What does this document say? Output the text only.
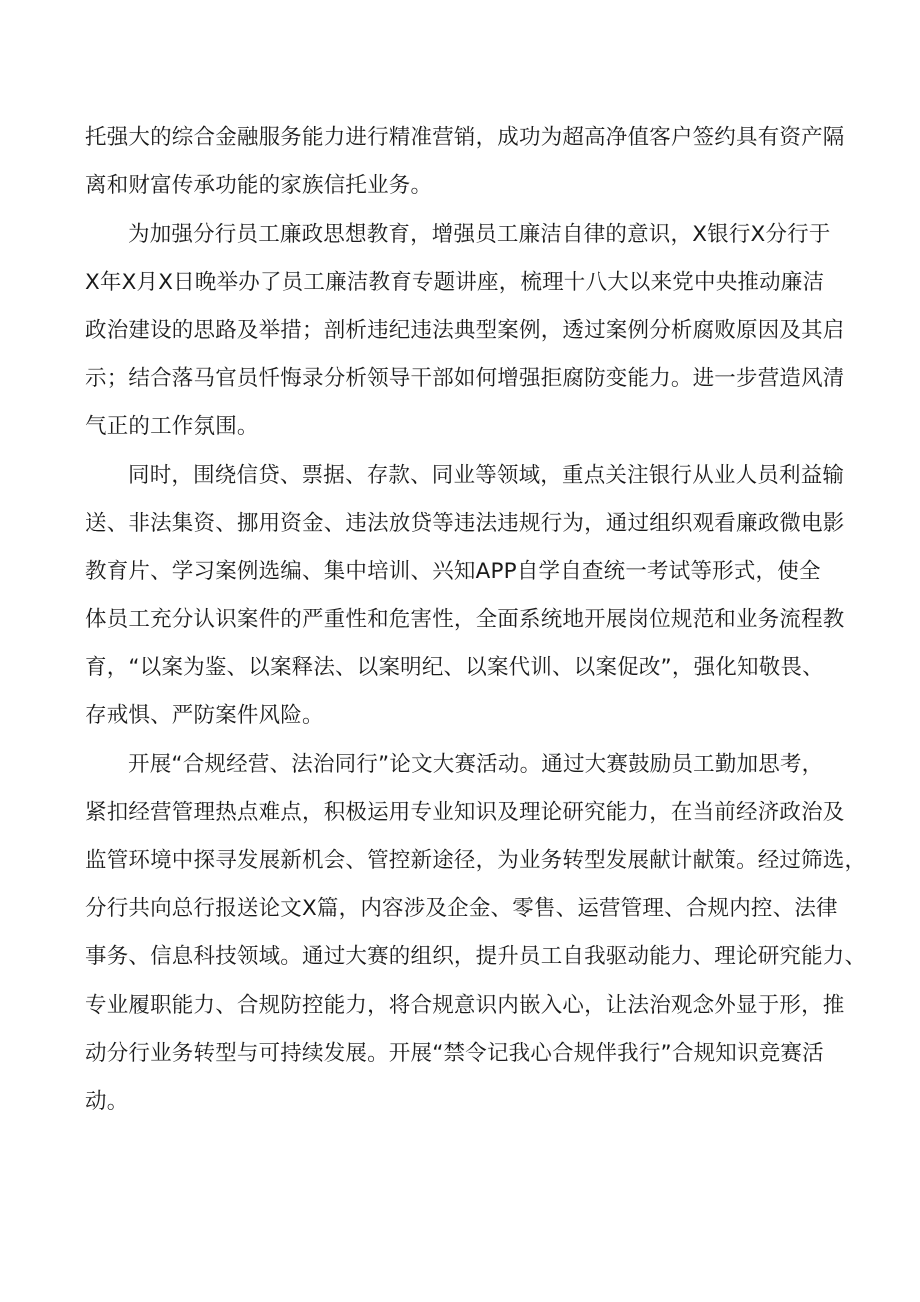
托强大的综合金融服务能力进行精准营销，成功为超高净值客户签约具有资产隔
离和财富传承功能的家族信托业务。
为加强分行员工廉政思想教育，增强员工廉洁自律的意识，X银行X分行于
X年X月X日晚举办了员工廉洁教育专题讲座，梳理十八大以来党中央推动廉洁
政治建设的思路及举措；剖析违纪违法典型案例，透过案例分析腐败原因及其启
示；结合落马官员忏悔录分析领导干部如何增强拒腐防变能力。进一步营造风清
气正的工作氛围。
同时，围绕信贷、票据、存款、同业等领域，重点关注银行从业人员利益输
送、非法集资、挪用资金、违法放贷等违法违规行为，通过组织观看廉政微电影
教育片、学习案例选编、集中培训、兴知APP自学自查统一考试等形式，使全
体员工充分认识案件的严重性和危害性，全面系统地开展岗位规范和业务流程教
育，“以案为鉴、以案释法、以案明纪、以案代训、以案促改”，强化知敬畏、
存戒惧、严防案件风险。
开展“合规经营、法治同行”论文大赛活动。通过大赛鼓励员工勤加思考，
紧扣经营管理热点难点，积极运用专业知识及理论研究能力，在当前经济政治及
监管环境中探寻发展新机会、管控新途径，为业务转型发展献计献策。经过筛选，
分行共向总行报送论文X篇，内容涉及企金、零售、运营管理、合规内控、法律
事务、信息科技领域。通过大赛的组织，提升员工自我驱动能力、理论研究能力、
专业履职能力、合规防控能力，将合规意识内嵌入心，让法治观念外显于形，推
动分行业务转型与可持续发展。开展“禁令记我心合规伴我行”合规知识竞赛活
动。
